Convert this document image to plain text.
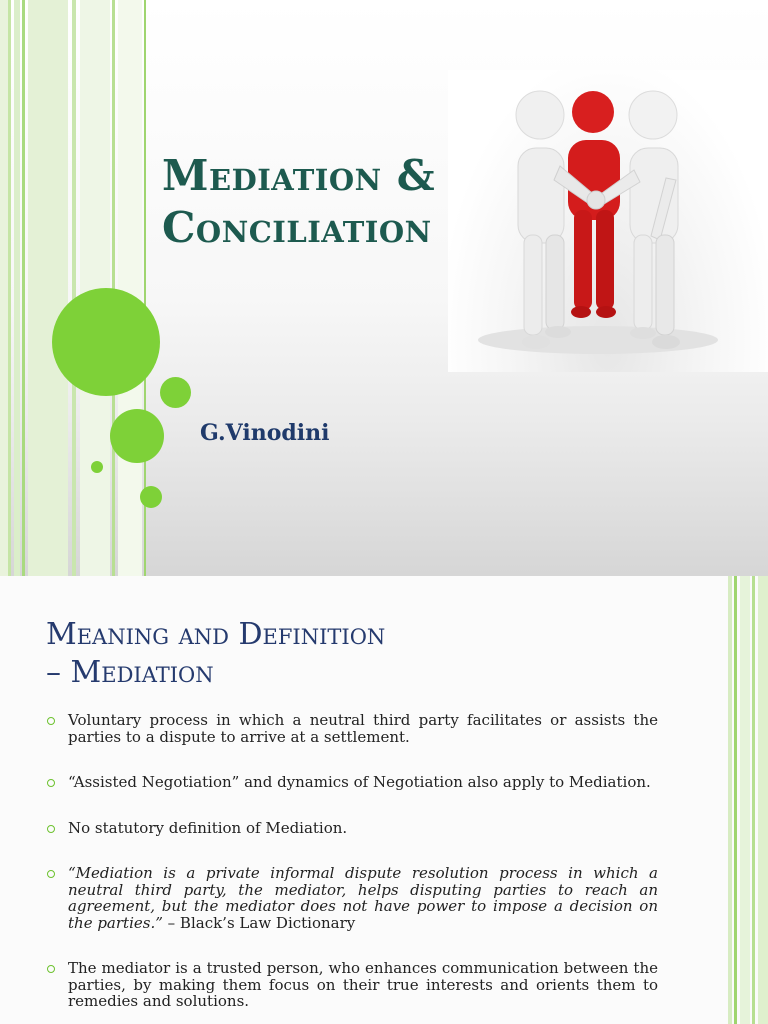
Mediation &
Conciliation
G.Vinodini
Meaning and Definition
– Mediation
Voluntary process in which a neutral third party facilitates or assists the parties to a dispute to arrive at a settlement.
“Assisted Negotiation” and dynamics of Negotiation also apply to Mediation.
No statutory definition of Mediation.
“Mediation is a private informal dispute resolution process in which a neutral third party, the mediator, helps disputing parties to reach an agreement, but the mediator does not have power to impose a decision on the parties.” – Black’s Law Dictionary
The mediator is a trusted person, who enhances communication between the parties, by making them focus on their true interests and orients them to remedies and solutions.
